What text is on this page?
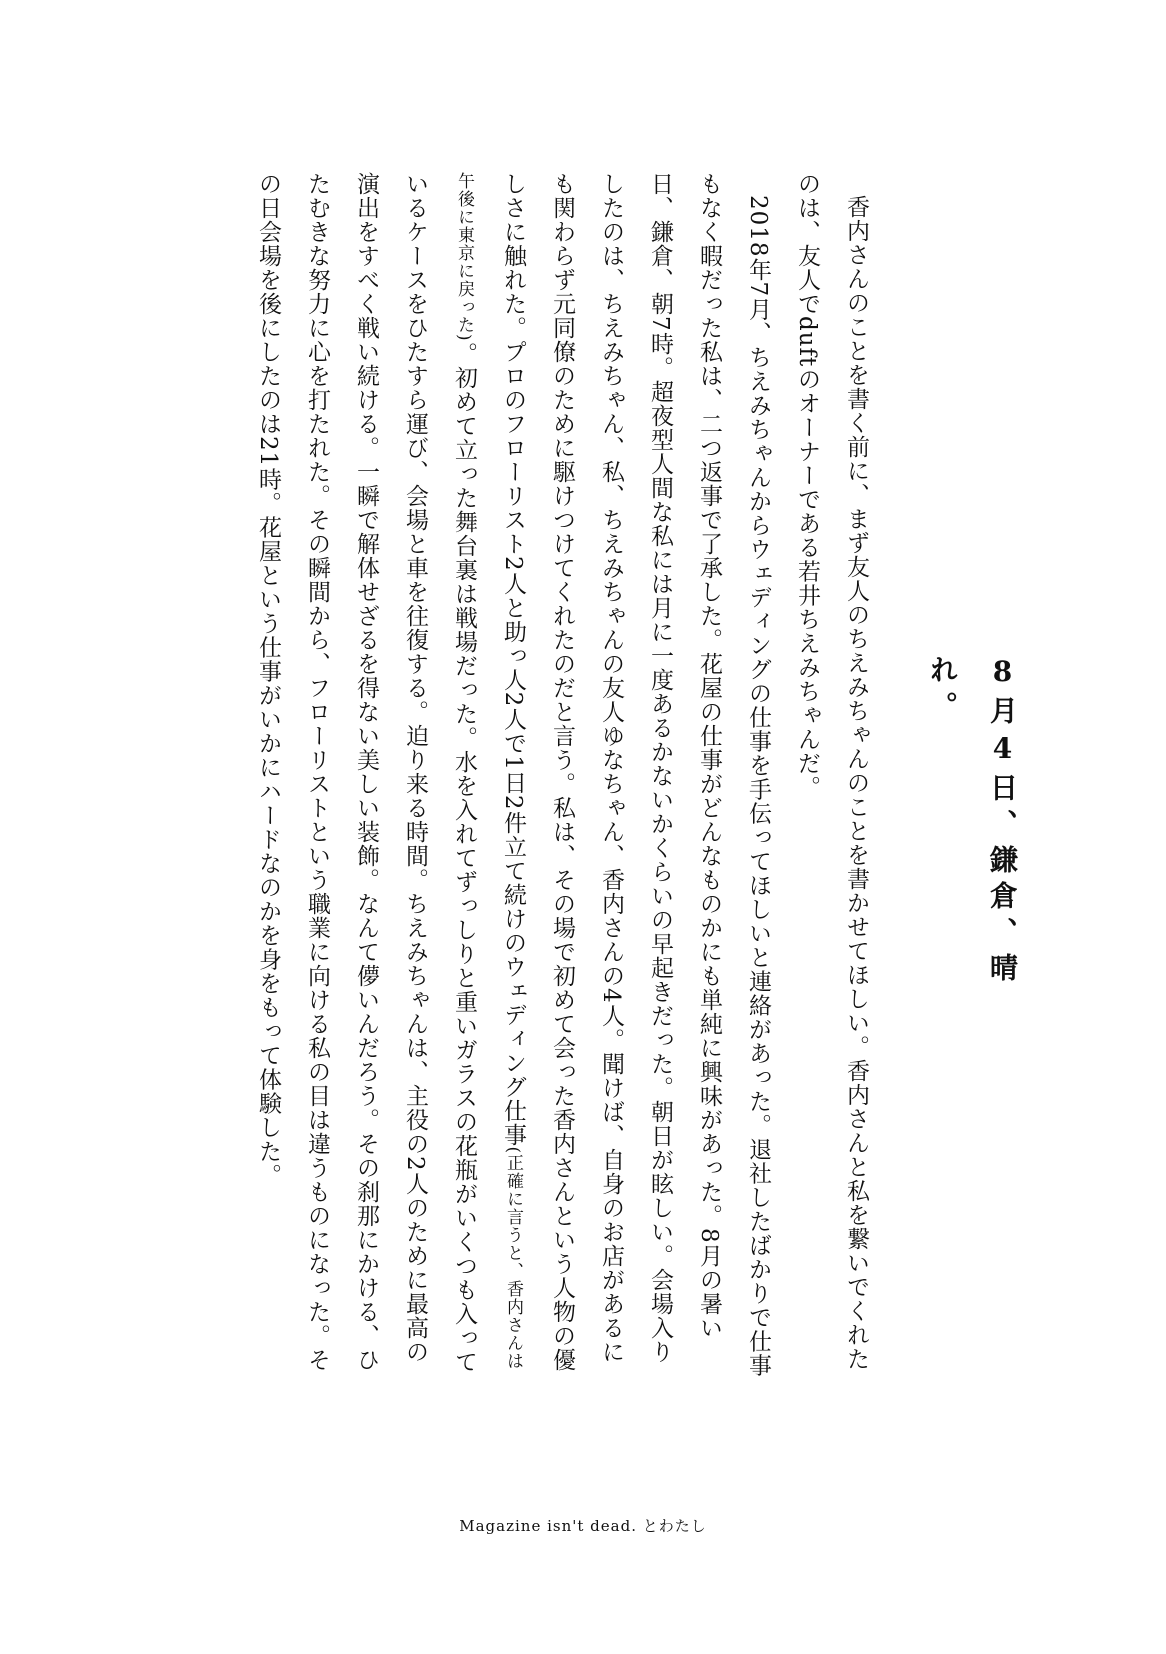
8月4日、鎌倉、晴れ。

香内さんのことを書く前に、まず友人のちえみちゃんのことを書かせてほしい。香内さんと私を繋いでくれたのは、友人でduftのオーナーである若井ちえみちゃんだ。

2018年7月、ちえみちゃんからウェディングの仕事を手伝ってほしいと連絡があった。退社したばかりで仕事もなく暇だった私は、二つ返事で了承した。花屋の仕事がどんなものかにも単純に興味があった。8月の暑い日、鎌倉、朝7時。超夜型人間な私には月に一度あるかないかくらいの早起きだった。朝日が眩しい。会場入りしたのは、ちえみちゃん、私、ちえみちゃんの友人ゆなちゃん、香内さんの4人。聞けば、自身のお店があるにも関わらず元同僚のために駆けつけてくれたのだと言う。私は、その場で初めて会った香内さんという人物の優しさに触れた。プロのフローリスト2人と助っ人2人で1日2件立て続けのウェディング仕事(正確に言うと、香内さんは午後に東京に戻った)。初めて立った舞台裏は戦場だった。水を入れてずっしりと重いガラスの花瓶がいくつも入っているケースをひたすら運び、会場と車を往復する。迫り来る時間。ちえみちゃんは、主役の2人のために最高の演出をすべく戦い続ける。一瞬で解体せざるを得ない美しい装飾。なんて儚いんだろう。その刹那にかける、ひたむきな努力に心を打たれた。その瞬間から、フローリストという職業に向ける私の目は違うものになった。その日会場を後にしたのは21時。花屋という仕事がいかにハードなのかを身をもって体験した。

Magazine isn't dead. とわたし
